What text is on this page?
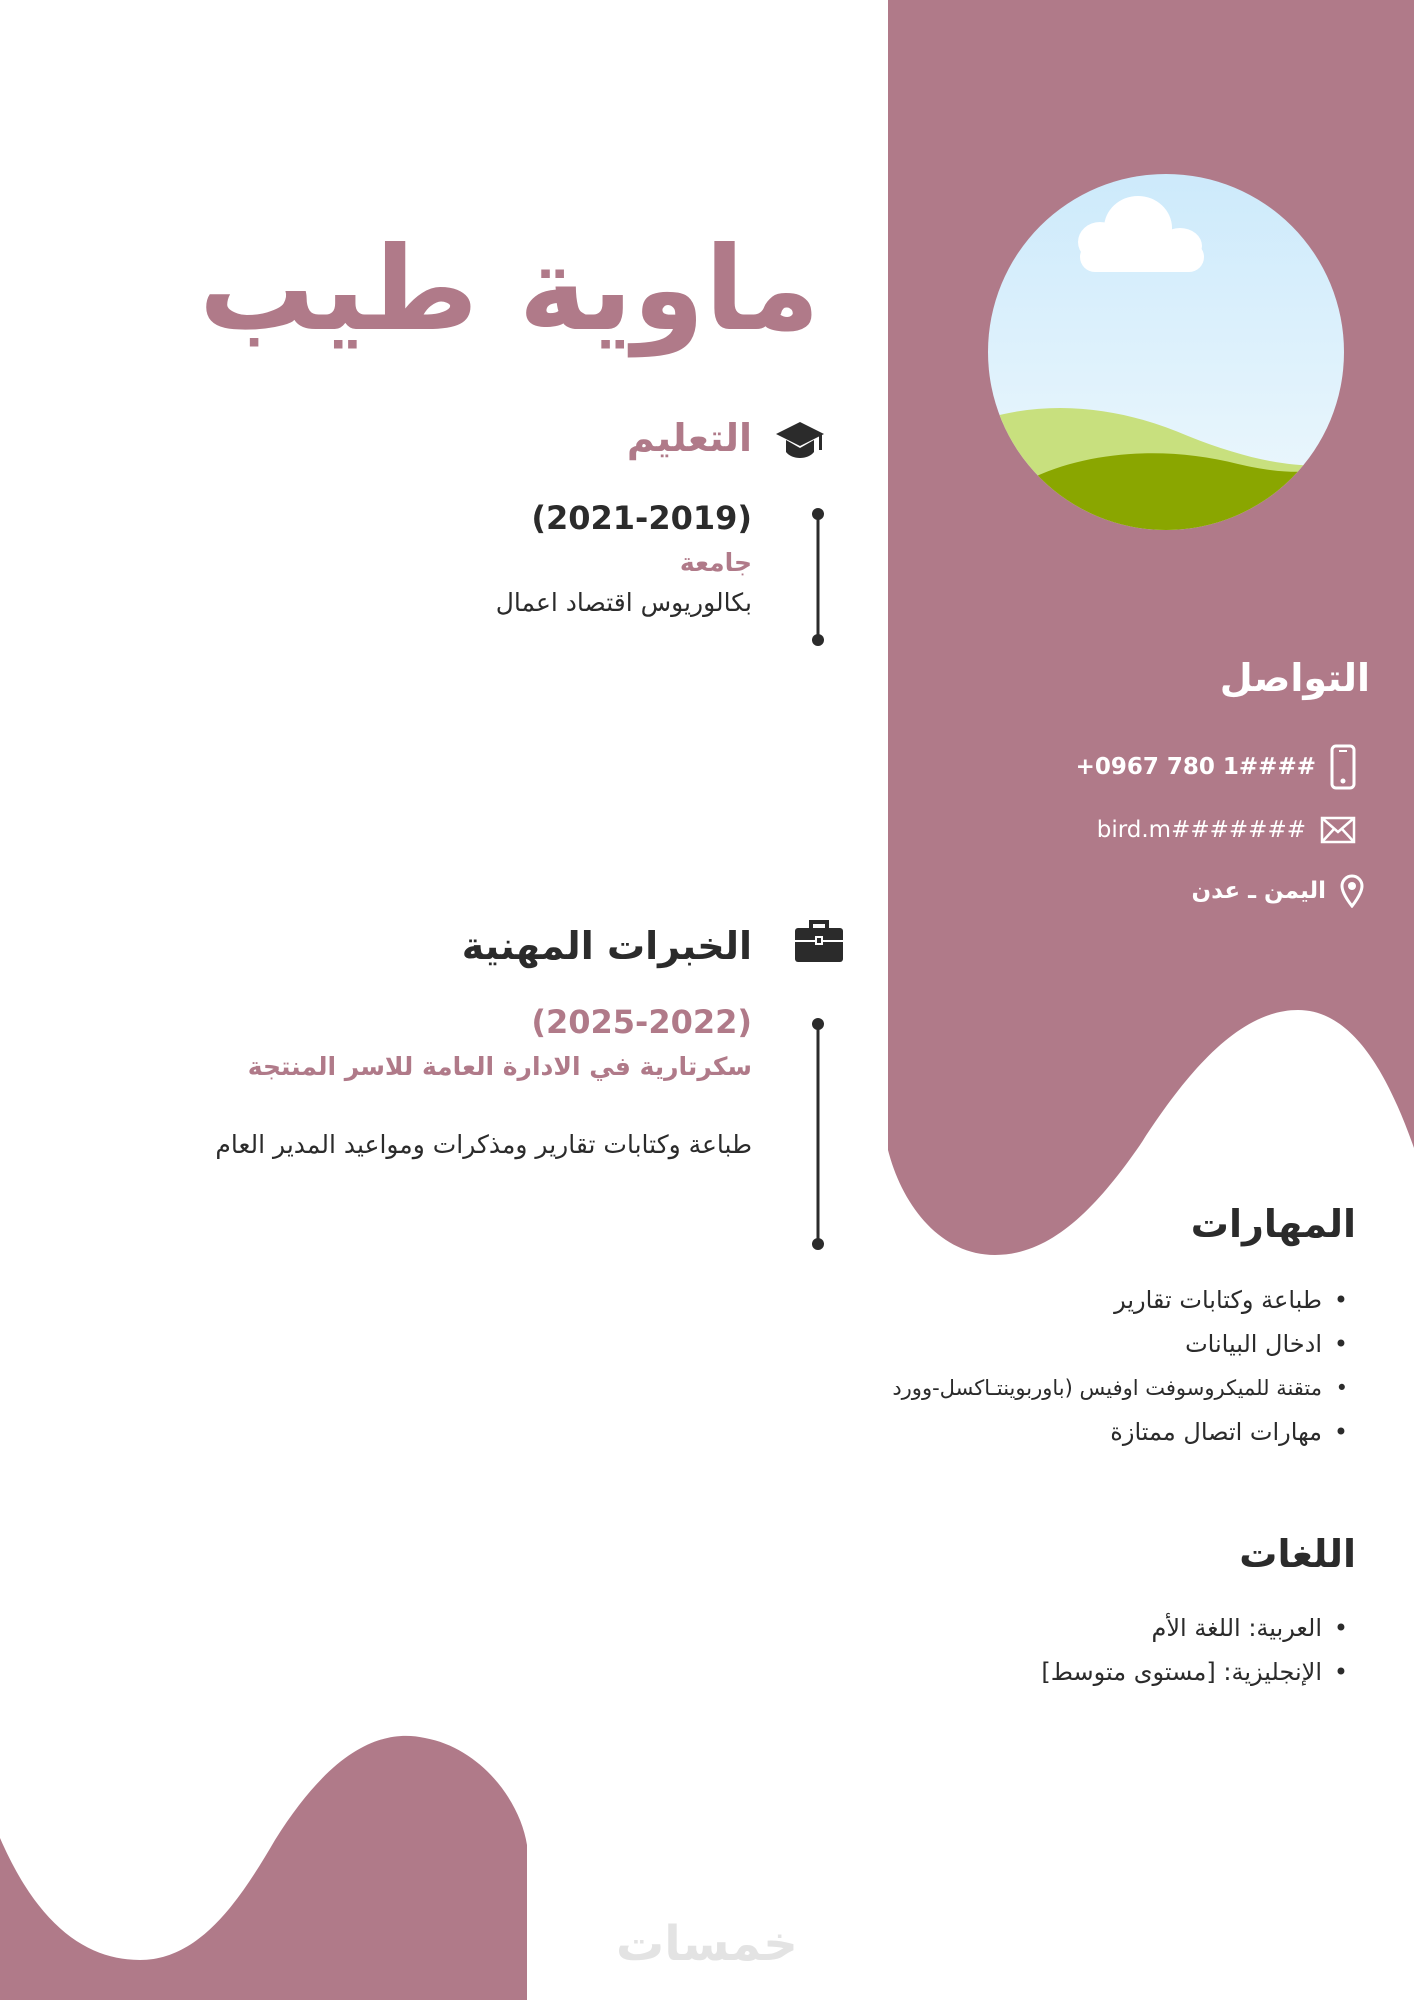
ماوية طيب
التعليم
(2021-2019)
جامعة
بكالوريوس اقتصاد اعمال
الخبرات المهنية
(2025-2022)
سكرتارية في الادارة العامة للاسر المنتجة
طباعة وكتابات تقارير ومذكرات ومواعيد المدير العام
التواصل
+0967 780 1####
bird.m#######
اليمن ـ عدن
المهارات
• طباعة وكتابات تقارير
• ادخال البيانات
• متقنة للميكروسوفت اوفيس (باوربوينتـاكسل-وورد
• مهارات اتصال ممتازة
اللغات
• العربية: اللغة الأم
• الإنجليزية: [مستوى متوسط]
خمسات
